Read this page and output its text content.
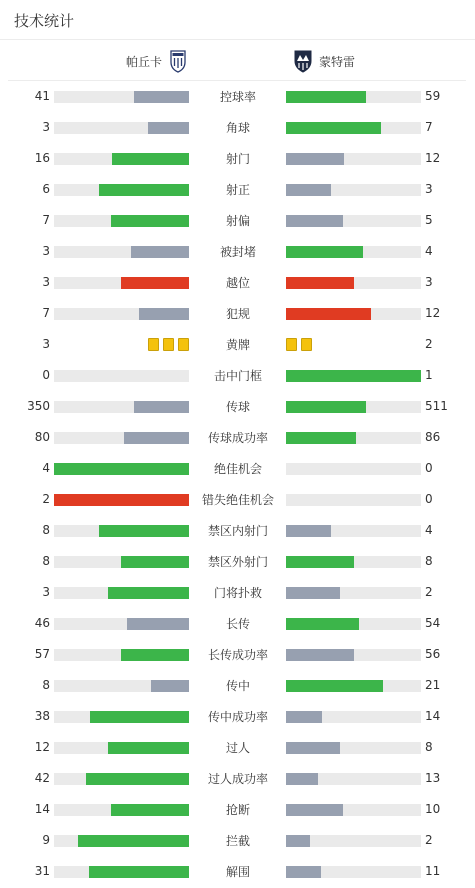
技术统计
帕丘卡	蒙特雷
41	控球率	59
3	角球	7
16	射门	12
6	射正	3
7	射偏	5
3	被封堵	4
3	越位	3
7	犯规	12
3	黄牌	2
0	击中门框	1
350	传球	511
80	传球成功率	86
4	绝佳机会	0
2	错失绝佳机会	0
8	禁区内射门	4
8	禁区外射门	8
3	门将扑救	2
46	长传	54
57	长传成功率	56
8	传中	21
38	传中成功率	14
12	过人	8
42	过人成功率	13
14	抢断	10
9	拦截	2
31	解围	11
